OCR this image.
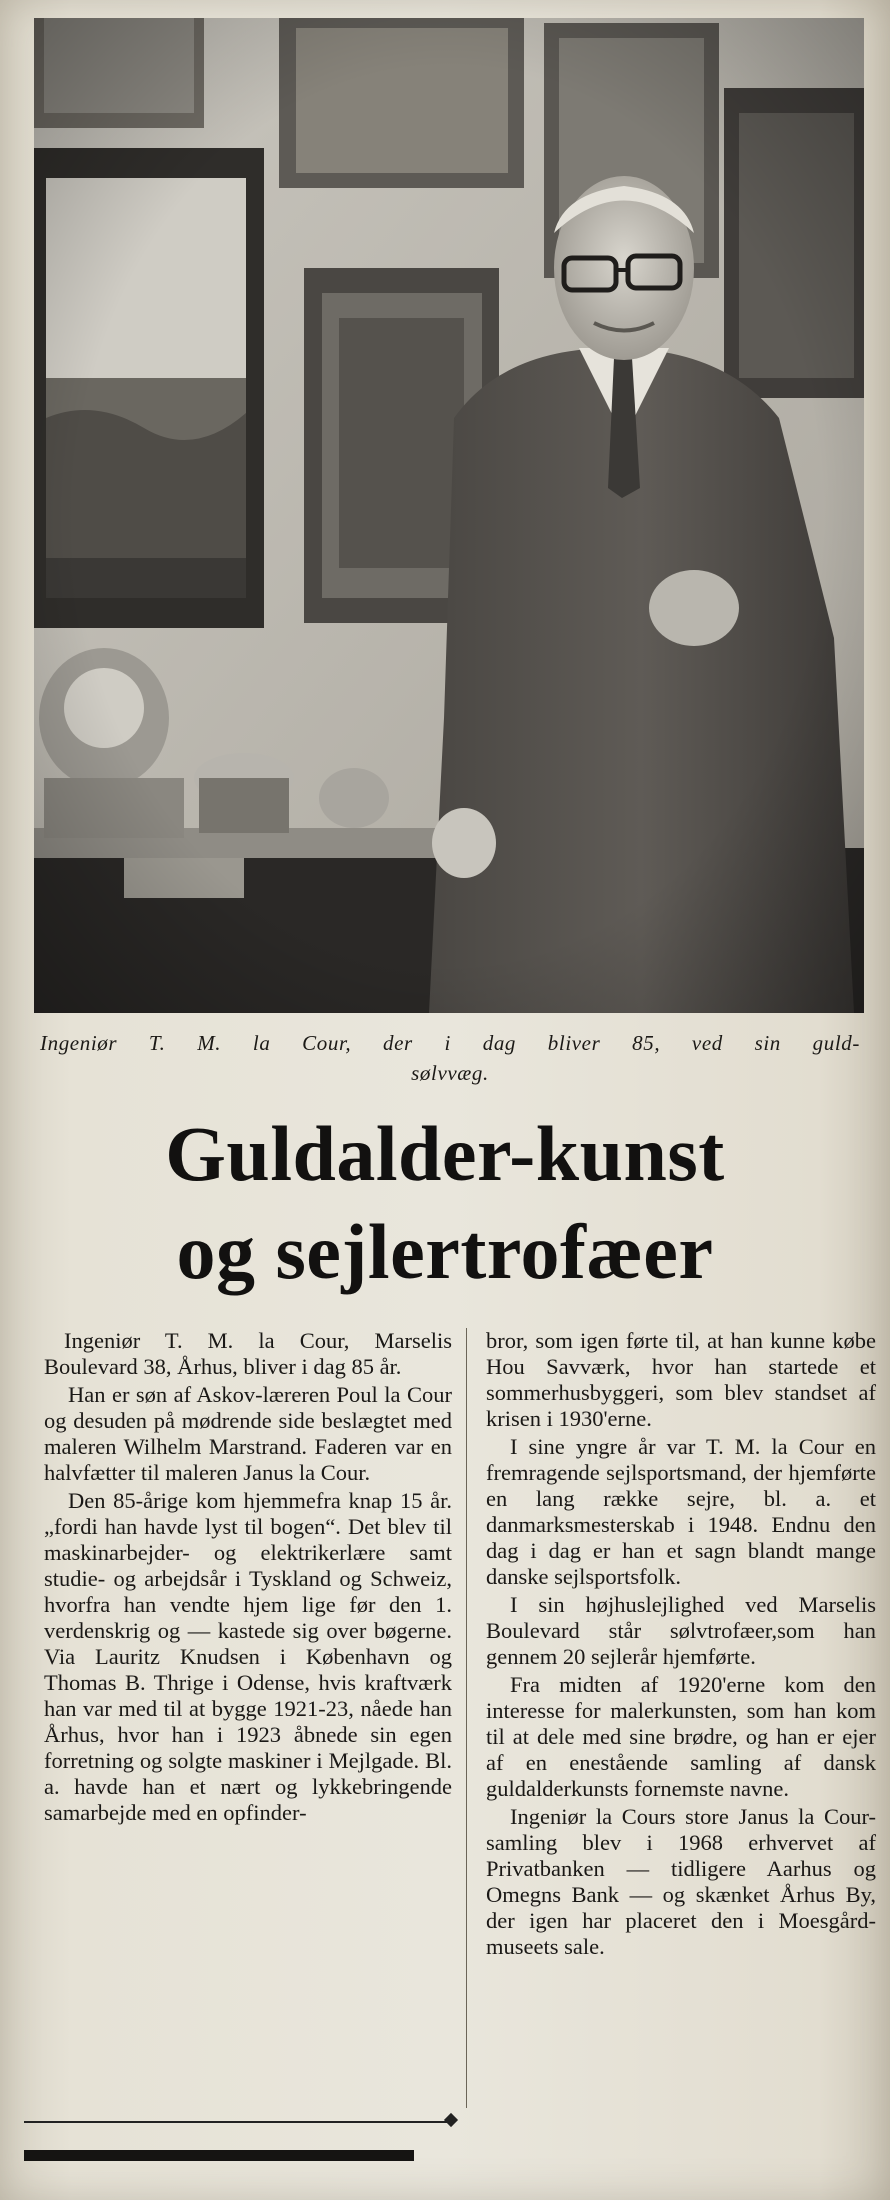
Ingeniør T. M. la Cour, der i dag bliver 85, ved sin guld-
sølvvæg.
Guldalder-kunst
og sejlertrofæer

Ingeniør T. M. la Cour, Marselis Boulevard 38, Århus, bliver i dag 85 år.

Han er søn af Askov-læreren Poul la Cour og desuden på mødrende side beslægtet med maleren Wilhelm Marstrand. Faderen var en halvfætter til maleren Janus la Cour.

Den 85-årige kom hjemmefra knap 15 år. „fordi han havde lyst til bogen“. Det blev til maskinarbejder- og elektrikerlære samt studie- og arbejdsår i Tyskland og Schweiz, hvorfra han vendte hjem lige før den 1. verdenskrig og — kastede sig over bøgerne. Via Lauritz Knudsen i København og Thomas B. Thrige i Odense, hvis kraftværk han var med til at bygge 1921-23, nåede han Århus, hvor han i 1923 åbnede sin egen forretning og solgte maskiner i Mejlgade. Bl. a. havde han et nært og lykkebringende samarbejde med en opfinder-

bror, som igen førte til, at han kunne købe Hou Savværk, hvor han startede et sommerhusbyggeri, som blev standset af krisen i 1930'erne.

I sine yngre år var T. M. la Cour en fremragende sejlsportsmand, der hjemførte en lang række sejre, bl. a. et danmarksmesterskab i 1948. Endnu den dag i dag er han et sagn blandt mange danske sejlsportsfolk.

I sin højhuslejlighed ved Marselis Boulevard står sølvtrofæer,som han gennem 20 sejlerår hjemførte.

Fra midten af 1920'erne kom den interesse for malerkunsten, som han kom til at dele med sine brødre, og han er ejer af en enestående samling af dansk guldalderkunsts fornemste navne.

Ingeniør la Cours store Janus la Cour-samling blev i 1968 erhvervet af Privatbanken — tidligere Aarhus og Omegns Bank — og skænket Århus By, der igen har placeret den i Moesgård-museets sale.
